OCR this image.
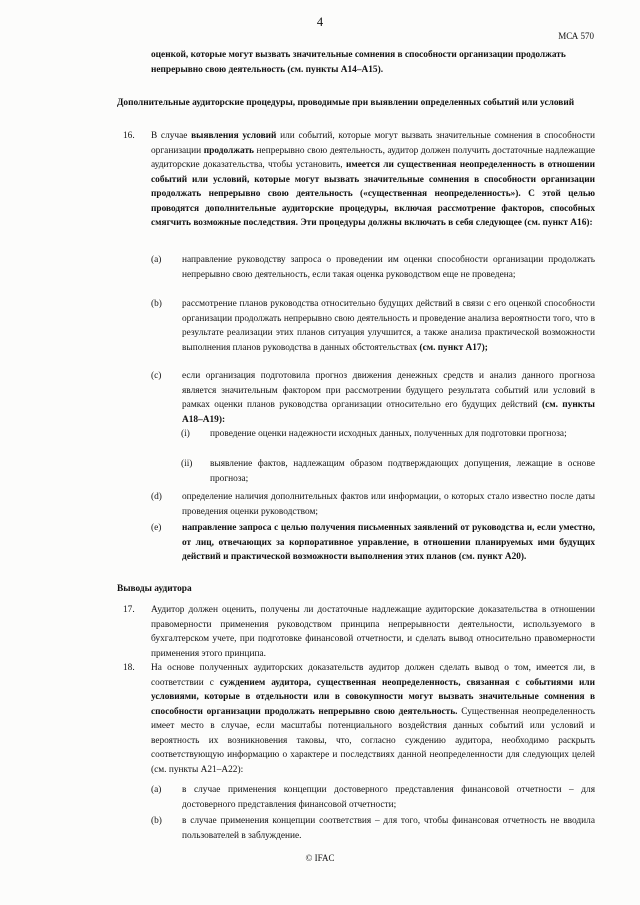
4
МСА 570
оценкой, которые могут вызвать значительные сомнения в способности организации продолжать непрерывно свою деятельность (см. пункты A14–A15).
Дополнительные аудиторские процедуры, проводимые при выявлении определенных событий или условий
16. В случае выявления условий или событий, которые могут вызвать значительные сомнения в способности организации продолжать непрерывно свою деятельность, аудитор должен получить достаточные надлежащие аудиторские доказательства, чтобы установить, имеется ли существенная неопределенность в отношении событий или условий, которые могут вызвать значительные сомнения в способности организации продолжать непрерывно свою деятельность («существенная неопределенность»). С этой целью проводятся дополнительные аудиторские процедуры, включая рассмотрение факторов, способных смягчить возможные последствия. Эти процедуры должны включать в себя следующее (см. пункт A16):
(a) направление руководству запроса о проведении им оценки способности организации продолжать непрерывно свою деятельность, если такая оценка руководством еще не проведена;
(b) рассмотрение планов руководства относительно будущих действий в связи с его оценкой способности организации продолжать непрерывно свою деятельность и проведение анализа вероятности того, что в результате реализации этих планов ситуация улучшится, а также анализа практической возможности выполнения планов руководства в данных обстоятельствах (см. пункт A17);
(c) если организация подготовила прогноз движения денежных средств и анализ данного прогноза является значительным фактором при рассмотрении будущего результата событий или условий в рамках оценки планов руководства организации относительно его будущих действий (см. пункты A18–A19):
(i) проведение оценки надежности исходных данных, полученных для подготовки прогноза;
(ii) выявление фактов, надлежащим образом подтверждающих допущения, лежащие в основе прогноза;
(d) определение наличия дополнительных фактов или информации, о которых стало известно после даты проведения оценки руководством;
(e) направление запроса с целью получения письменных заявлений от руководства и, если уместно, от лиц, отвечающих за корпоративное управление, в отношении планируемых ими будущих действий и практической возможности выполнения этих планов (см. пункт A20).
Выводы аудитора
17. Аудитор должен оценить, получены ли достаточные надлежащие аудиторские доказательства в отношении правомерности применения руководством принципа непрерывности деятельности, используемого в бухгалтерском учете, при подготовке финансовой отчетности, и сделать вывод относительно правомерности применения этого принципа.
18. На основе полученных аудиторских доказательств аудитор должен сделать вывод о том, имеется ли, в соответствии с суждением аудитора, существенная неопределенность, связанная с событиями или условиями, которые в отдельности или в совокупности могут вызвать значительные сомнения в способности организации продолжать непрерывно свою деятельность. Существенная неопределенность имеет место в случае, если масштабы потенциального воздействия данных событий или условий и вероятность их возникновения таковы, что, согласно суждению аудитора, необходимо раскрыть соответствующую информацию о характере и последствиях данной неопределенности для следующих целей (см. пункты A21–A22):
(a) в случае применения концепции достоверного представления финансовой отчетности – для достоверного представления финансовой отчетности;
(b) в случае применения концепции соответствия – для того, чтобы финансовая отчетность не вводила пользователей в заблуждение.
© IFAC
